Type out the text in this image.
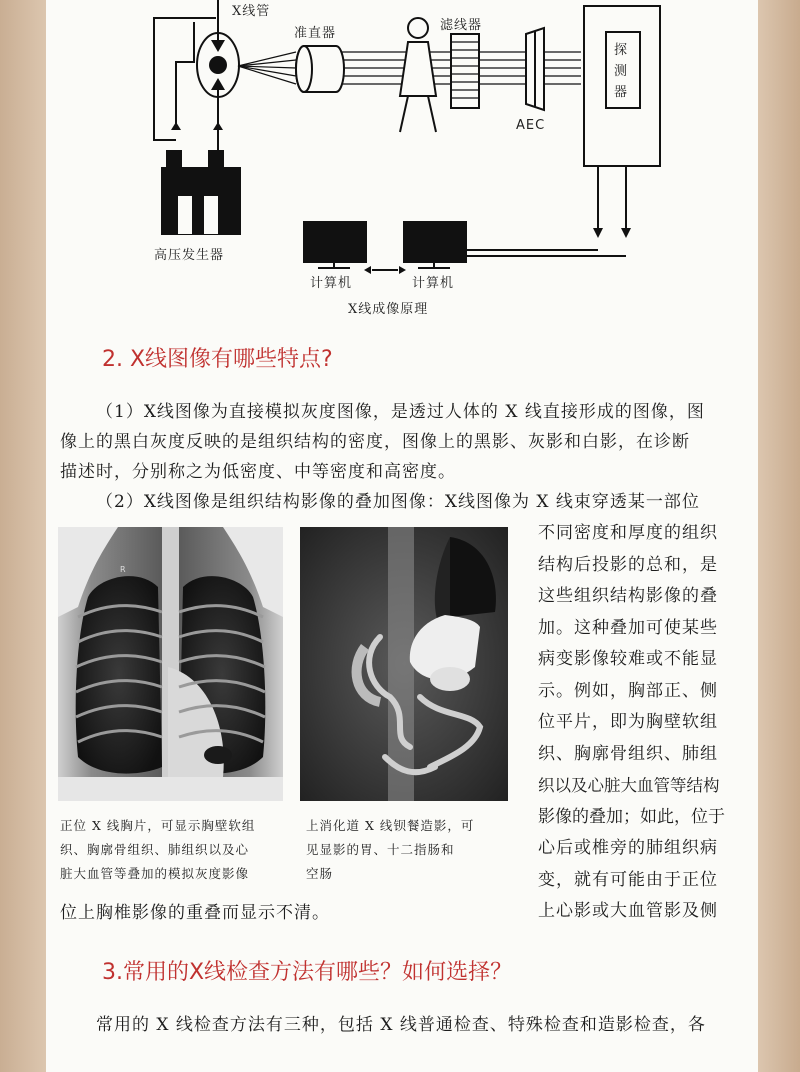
X线管
准直器
滤线器
AEC
探测器
高压发生器
计算机	计算机
X线成像原理
2. X线图像有哪些特点?
（1）X线图像为直接模拟灰度图像，是透过人体的 X 线直接形成的图像，图
像上的黑白灰度反映的是组织结构的密度，图像上的黑影、灰影和白影，在诊断
描述时，分别称之为低密度、中等密度和高密度。
（2）X线图像是组织结构影像的叠加图像：X线图像为 X 线束穿透某一部位
不同密度和厚度的组织
结构后投影的总和，是
这些组织结构影像的叠
加。这种叠加可使某些
病变影像较难或不能显
示。例如，胸部正、侧
位平片，即为胸壁软组
织、胸廓骨组织、肺组
织以及心脏大血管等结构
影像的叠加；如此，位于
心后或椎旁的肺组织病
变，就有可能由于正位
上心影或大血管影及侧
R
正位 X 线胸片，可显示胸壁软组
织、胸廓骨组织、肺组织以及心
脏大血管等叠加的模拟灰度影像
上消化道 X 线钡餐造影，可
见显影的胃、十二指肠和
空肠
位上胸椎影像的重叠而显示不清。
3.常用的X线检查方法有哪些？如何选择？
常用的 X 线检查方法有三种，包括 X 线普通检查、特殊检查和造影检查，各
